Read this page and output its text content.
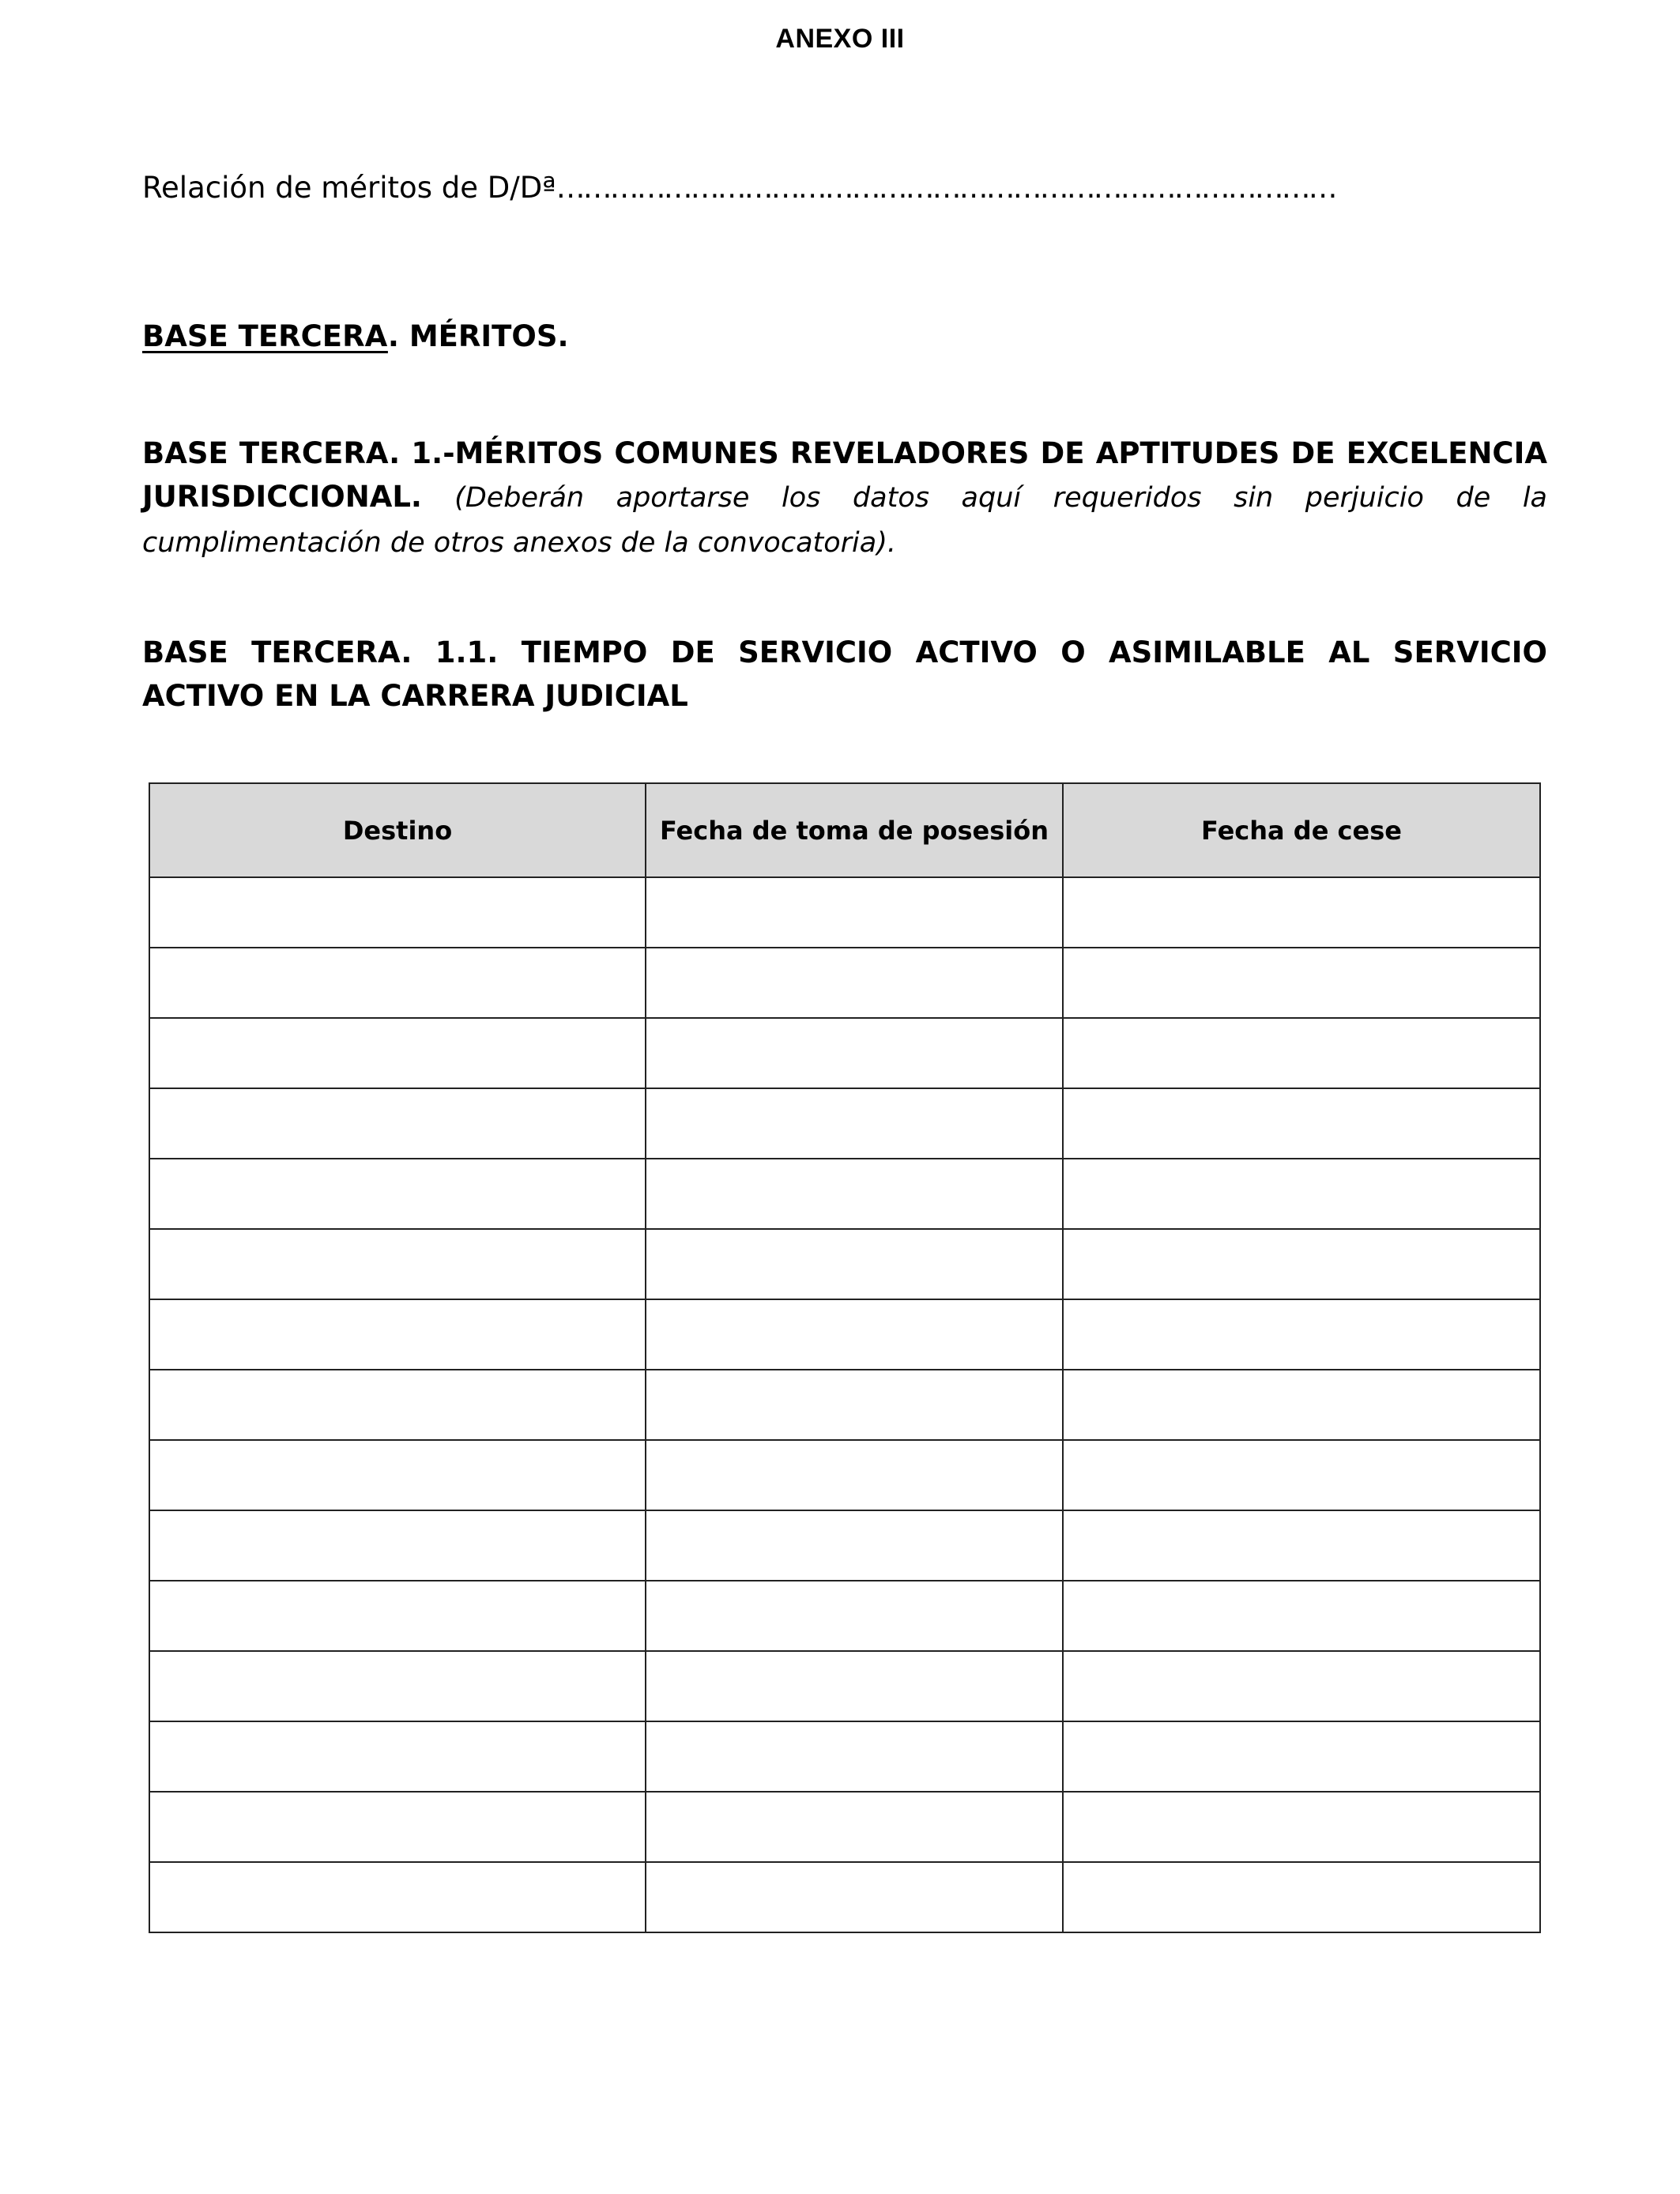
ANEXO III
Relación de méritos de D/Dª……………………………………………………………………………
BASE TERCERA. MÉRITOS.
BASE TERCERA. 1.-MÉRITOS COMUNES REVELADORES DE APTITUDES DE EXCELENCIA JURISDICCIONAL. (Deberán aportarse los datos aquí requeridos sin perjuicio de la cumplimentación de otros anexos de la convocatoria).
BASE TERCERA. 1.1. TIEMPO DE SERVICIO ACTIVO O ASIMILABLE AL SERVICIO ACTIVO EN LA CARRERA JUDICIAL
Destino	Fecha de toma de posesión	Fecha de cese
